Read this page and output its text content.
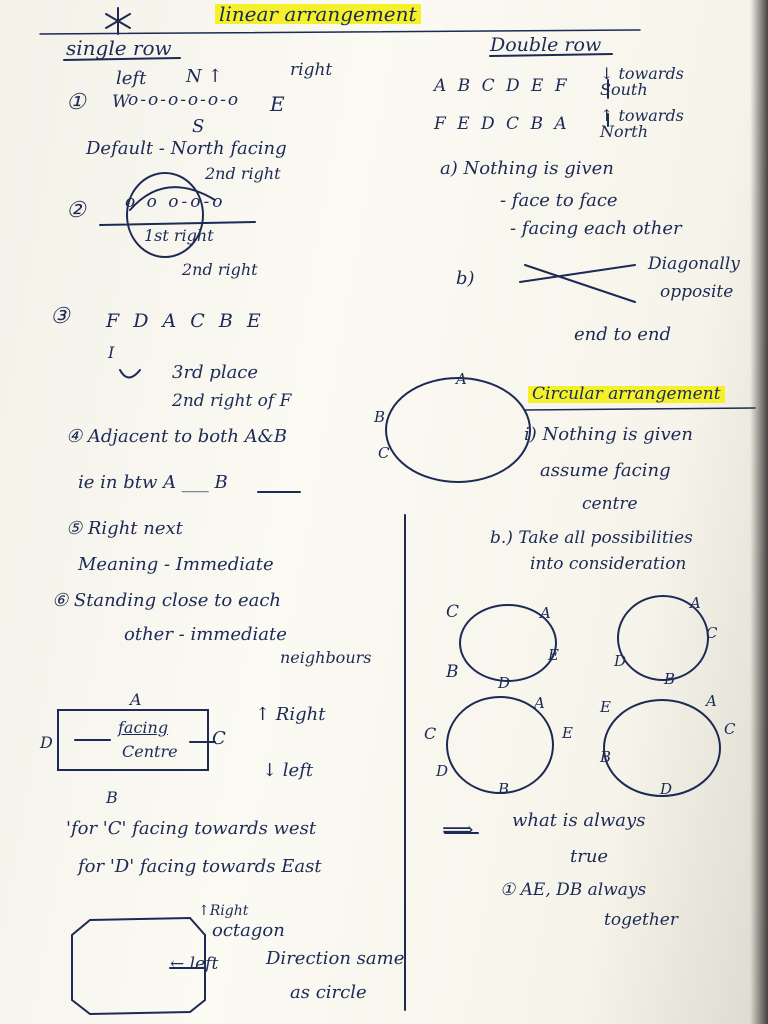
linear arrangement
single row
left N ↑	right
① W
o-o-o-o-o-o E
S
Default - North facing
②
2nd right
o o o-o-o
1st right
2nd right
③ F D A C B E
I
3rd place
2nd right of F
④ Adjacent to both A&B
ie in btw A ___ B
⑤ Right next
Meaning - Immediate
⑥ Standing close to each
other - immediate
neighbours
A
facing
Centre
C
D
B
↑ Right
↓ left
'for 'C' facing towards west
for 'D' facing towards East
↑Right
octagon
← left	Direction same
as circle
Double row
A B C D E F
↓ towards South
F E D C B A ↑ towards North
a) Nothing is given
- face to face
- facing each other
b)
Diagonally
opposite
end to end
A
B
C
Circular arrangement
i) Nothing is given
assume facing
centre
b.) Take all possibilities
into consideration
C	A
B
D
E
A
C
D
B
A
E
C
D
B
A
C
E
B
D
⟹ what is always
true
① AE, DB always
together
